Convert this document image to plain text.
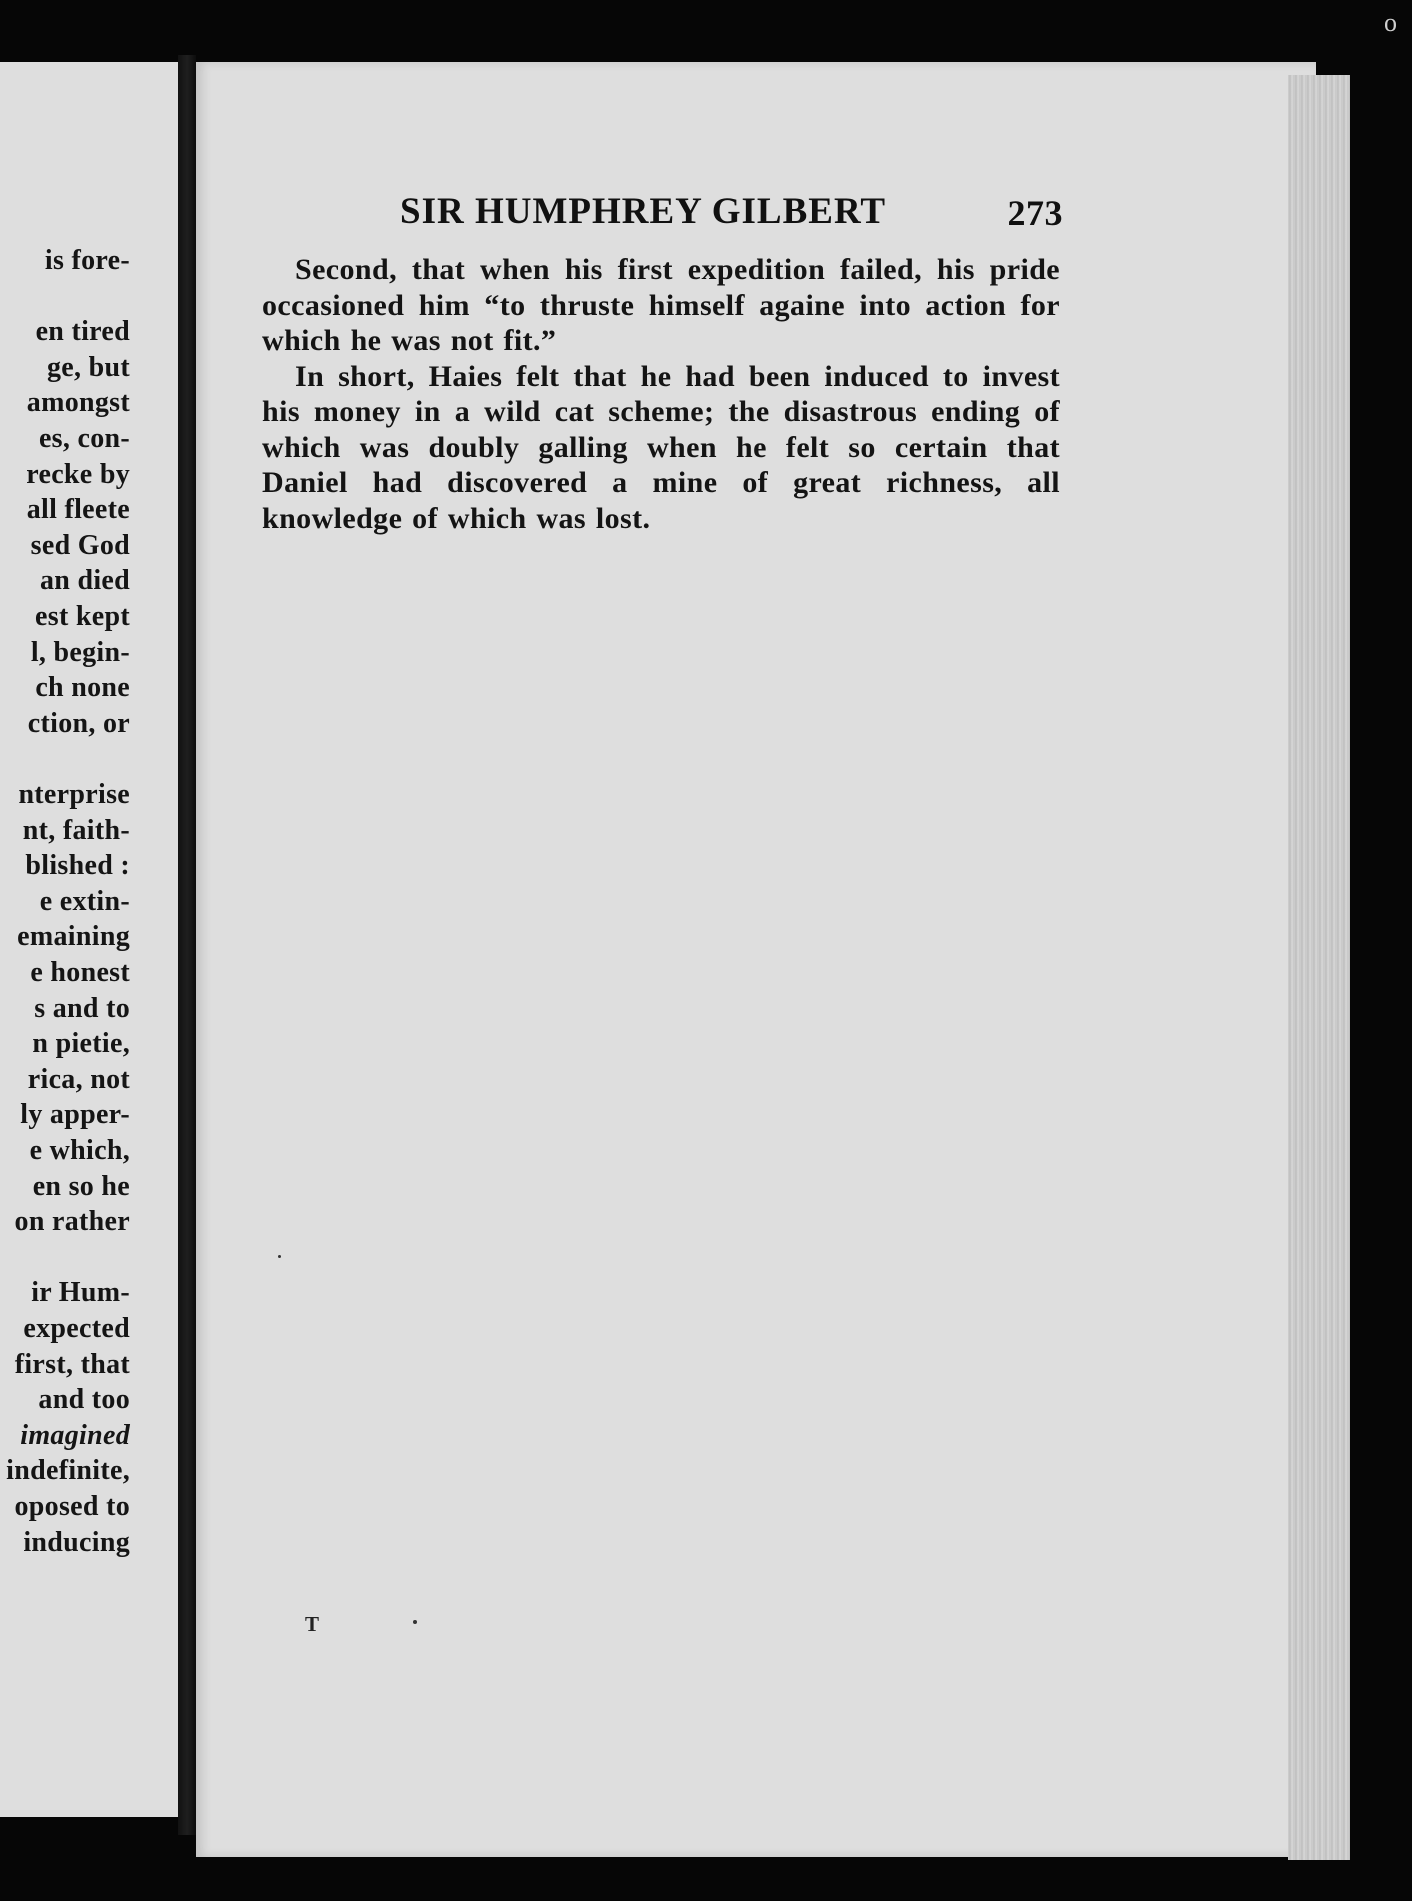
o
is fore-
en tired
ge, but
amongst
es, con-
recke by
all fleete
sed God
an died
est kept
l, begin-
ch none
ction, or
nterprise
nt, faith-
blished :
e extin-
emaining
e honest
s and to
n pietie,
rica, not
ly apper-
e which,
en so he
on rather
ir Hum-
expected
first, that
and too
imagined
indefinite,
oposed to
inducing
SIR HUMPHREY GILBERT	273

Second, that when his first expedition failed, his pride occasioned him “to thruste himself againe into action for which he was not fit.”

In short, Haies felt that he had been induced to invest his money in a wild cat scheme; the disastrous ending of which was doubly galling when he felt so certain that Daniel had discovered a mine of great richness, all knowledge of which was lost.

T
